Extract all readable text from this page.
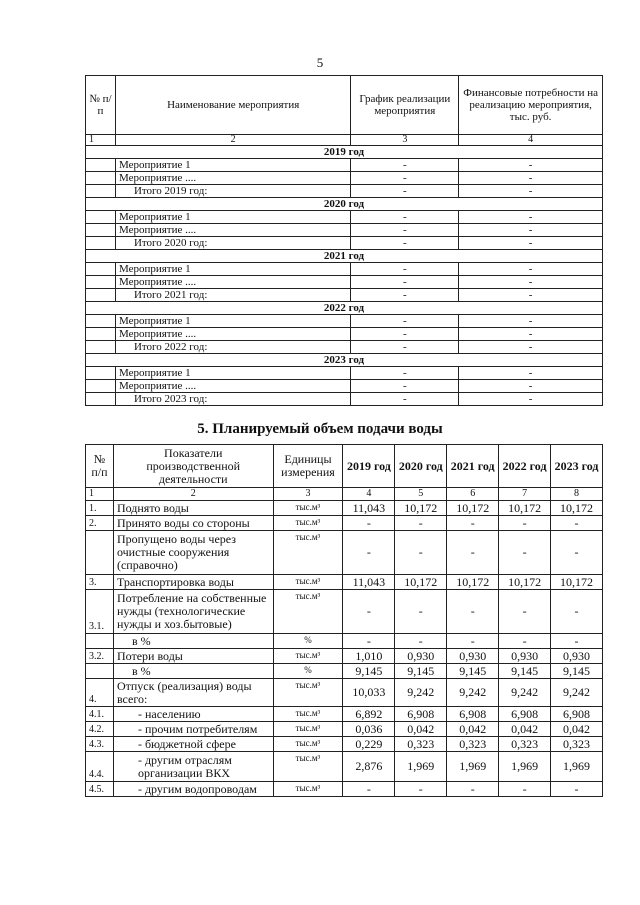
5
№ п/п	Наименование мероприятия	График реализации мероприятия	Финансовые потребности на реализацию мероприятия, тыс. руб.
1	2	3	4
2019 год			
	Мероприятие 1	-	-
	Мероприятие ....	-	-
	Итого 2019 год:	-	-
2020 год			
	Мероприятие 1	-	-
	Мероприятие ....	-	-
	Итого 2020 год:	-	-
2021 год			
	Мероприятие 1	-	-
	Мероприятие ....	-	-
	Итого 2021 год:	-	-
2022 год			
	Мероприятие 1	-	-
	Мероприятие ....	-	-
	Итого 2022 год:	-	-
2023 год			
	Мероприятие 1	-	-
	Мероприятие ....	-	-
	Итого 2023 год:	-	-
5. Планируемый объем подачи воды
№ п/п	Показатели производственной деятельности	Единицы измерения	2019 год	2020 год	2021 год	2022 год	2023 год
1	2	3	4	5	6	7	8
1.	Поднято воды	тыс.м³	11,043	10,172	10,172	10,172	10,172
2.	Принято воды со стороны	тыс.м³	-	-	-	-	-
	Пропущено воды через очистные сооружения (справочно)	тыс.м³	-	-	-	-	-
3.	Транспортировка воды	тыс.м³	11,043	10,172	10,172	10,172	10,172
3.1.	Потребление на собственные нужды (технологические нужды и хоз.бытовые)	тыс.м³	-	-	-	-	-
	в %	%	-	-	-	-	-
3.2.	Потери воды	тыс.м³	1,010	0,930	0,930	0,930	0,930
	в %	%	9,145	9,145	9,145	9,145	9,145
4.	Отпуск (реализация) воды всего:	тыс.м³	10,033	9,242	9,242	9,242	9,242
4.1.	- населению	тыс.м³	6,892	6,908	6,908	6,908	6,908
4.2.	- прочим потребителям	тыс.м³	0,036	0,042	0,042	0,042	0,042
4.3.	- бюджетной сфере	тыс.м³	0,229	0,323	0,323	0,323	0,323
4.4.	- другим отраслям организации ВКХ	тыс.м³	2,876	1,969	1,969	1,969	1,969
4.5.	- другим водопроводам	тыс.м³	-	-	-	-	-
